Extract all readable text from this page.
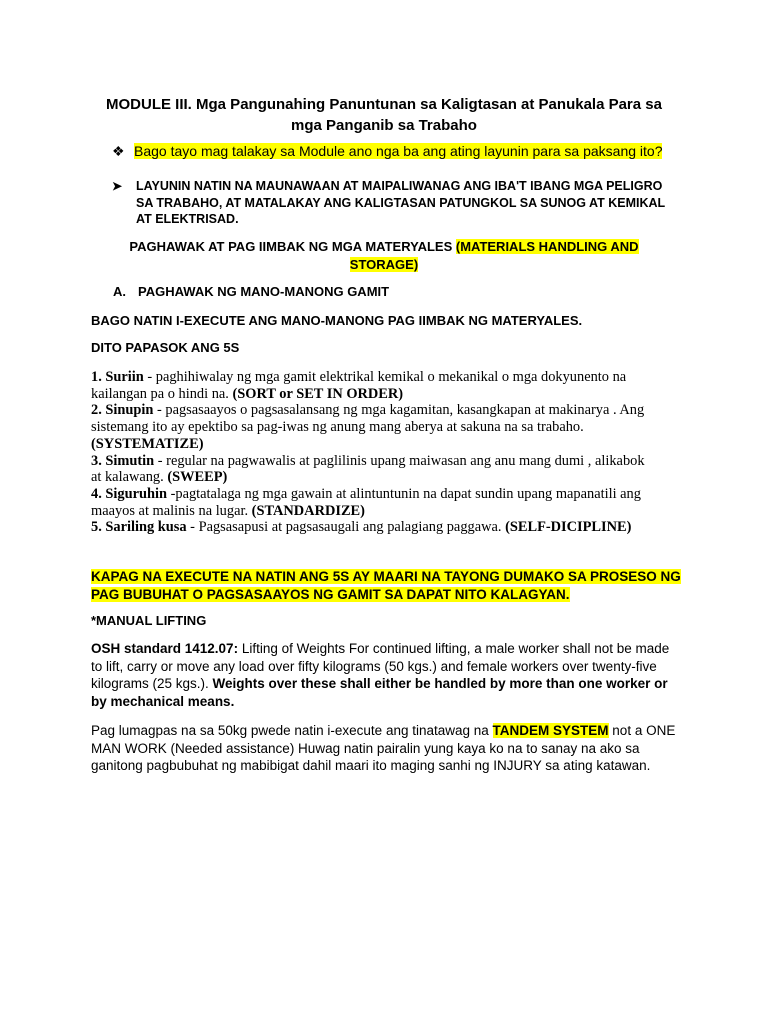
MODULE III. Mga Pangunahing Panuntunan sa Kaligtasan at Panukala Para sa mga Panganib sa Trabaho
❖ Bago tayo mag talakay sa Module ano nga ba ang ating layunin para sa paksang ito?
➤ LAYUNIN NATIN NA MAUNAWAAN AT MAIPALIWANAG ANG IBA'T IBANG MGA PELIGRO SA TRABAHO, AT MATALAKAY ANG KALIGTASAN PATUNGKOL SA SUNOG AT KEMIKAL AT ELEKTRISAD.
PAGHAWAK AT PAG IIMBAK NG MGA MATERYALES (MATERIALS HANDLING AND STORAGE)
A. PAGHAWAK NG MANO-MANONG GAMIT
BAGO NATIN I-EXECUTE ANG MANO-MANONG PAG IIMBAK NG MATERYALES.
DITO PAPASOK ANG 5S

1. Suriin - paghihiwalay ng mga gamit elektrikal kemikal o mekanikal o mga dokyunento na kailangan pa o hindi na. (SORT or SET IN ORDER)

2. Sinupin - pagsasaayos o pagsasalansang ng mga kagamitan, kasangkapan at makinarya . Ang sistemang ito ay epektibo sa pag-iwas ng anung mang aberya at sakuna na sa trabaho. (SYSTEMATIZE)

3. Simutin - regular na pagwawalis at paglilinis upang maiwasan ang anu mang dumi , alikabok at kalawang. (SWEEP)

4. Siguruhin -pagtatalaga ng mga gawain at alintuntunin na dapat sundin upang mapanatili ang maayos at malinis na lugar. (STANDARDIZE)

5. Sariling kusa - Pagsasapusi at pagsasaugali ang palagiang paggawa. (SELF-DICIPLINE)

KAPAG NA EXECUTE NA NATIN ANG 5S AY MAARI NA TAYONG DUMAKO SA PROSESO NG PAG BUBUHAT O PAGSASAAYOS NG GAMIT SA DAPAT NITO KALAGYAN.
*MANUAL LIFTING
OSH standard 1412.07: Lifting of Weights For continued lifting, a male worker shall not be made to lift, carry or move any load over fifty kilograms (50 kgs.) and female workers over twenty-five kilograms (25 kgs.). Weights over these shall either be handled by more than one worker or by mechanical means.
Pag lumagpas na sa 50kg pwede natin i-execute ang tinatawag na TANDEM SYSTEM not a ONE MAN WORK (Needed assistance) Huwag natin pairalin yung kaya ko na to sanay na ako sa ganitong pagbubuhat ng mabibigat dahil maari ito maging sanhi ng INJURY sa ating katawan.
